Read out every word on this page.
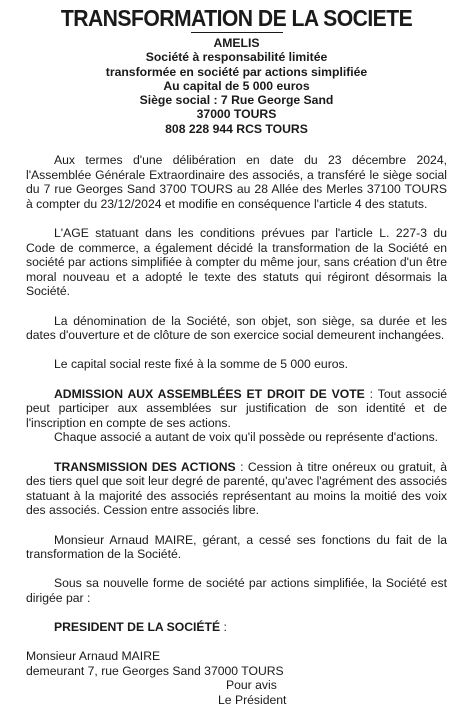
TRANSFORMATION DE LA SOCIETE
AMELIS
Société à responsabilité limitée
transformée en société par actions simplifiée
Au capital de 5 000 euros
Siège social : 7 Rue George Sand
37000 TOURS
808 228 944 RCS TOURS

Aux termes d'une délibération en date du 23 décembre 2024, l'Assemblée Générale Extraordinaire des associés, a transféré le siège social du 7 rue Georges Sand 3700 TOURS au 28 Allée des Merles 37100 TOURS à compter du 23/12/2024 et modifie en conséquence l'article 4 des statuts.

L'AGE statuant dans les conditions prévues par l'article L. 227-3 du Code de commerce, a également décidé la transformation de la Société en société par actions simplifiée à compter du même jour, sans création d'un être moral nouveau et a adopté le texte des statuts qui régiront désormais la Société.

La dénomination de la Société, son objet, son siège, sa durée et les dates d'ouverture et de clôture de son exercice social demeurent inchangées.

Le capital social reste fixé à la somme de 5 000 euros.

ADMISSION AUX ASSEMBLÉES ET DROIT DE VOTE : Tout associé peut participer aux assemblées sur justification de son identité et de l'inscription en compte de ses actions.

Chaque associé a autant de voix qu'il possède ou représente d'actions.

TRANSMISSION DES ACTIONS : Cession à titre onéreux ou gratuit, à des tiers quel que soit leur degré de parenté, qu'avec l'agrément des associés statuant à la majorité des associés représentant au moins la moitié des voix des associés. Cession entre associés libre.

Monsieur Arnaud MAIRE, gérant, a cessé ses fonctions du fait de la transformation de la Société.

Sous sa nouvelle forme de société par actions simplifiée, la Société est dirigée par :

PRESIDENT DE LA SOCIÉTÉ :

Monsieur Arnaud MAIRE

demeurant 7, rue Georges Sand 37000 TOURS

Pour avis

Le Président
